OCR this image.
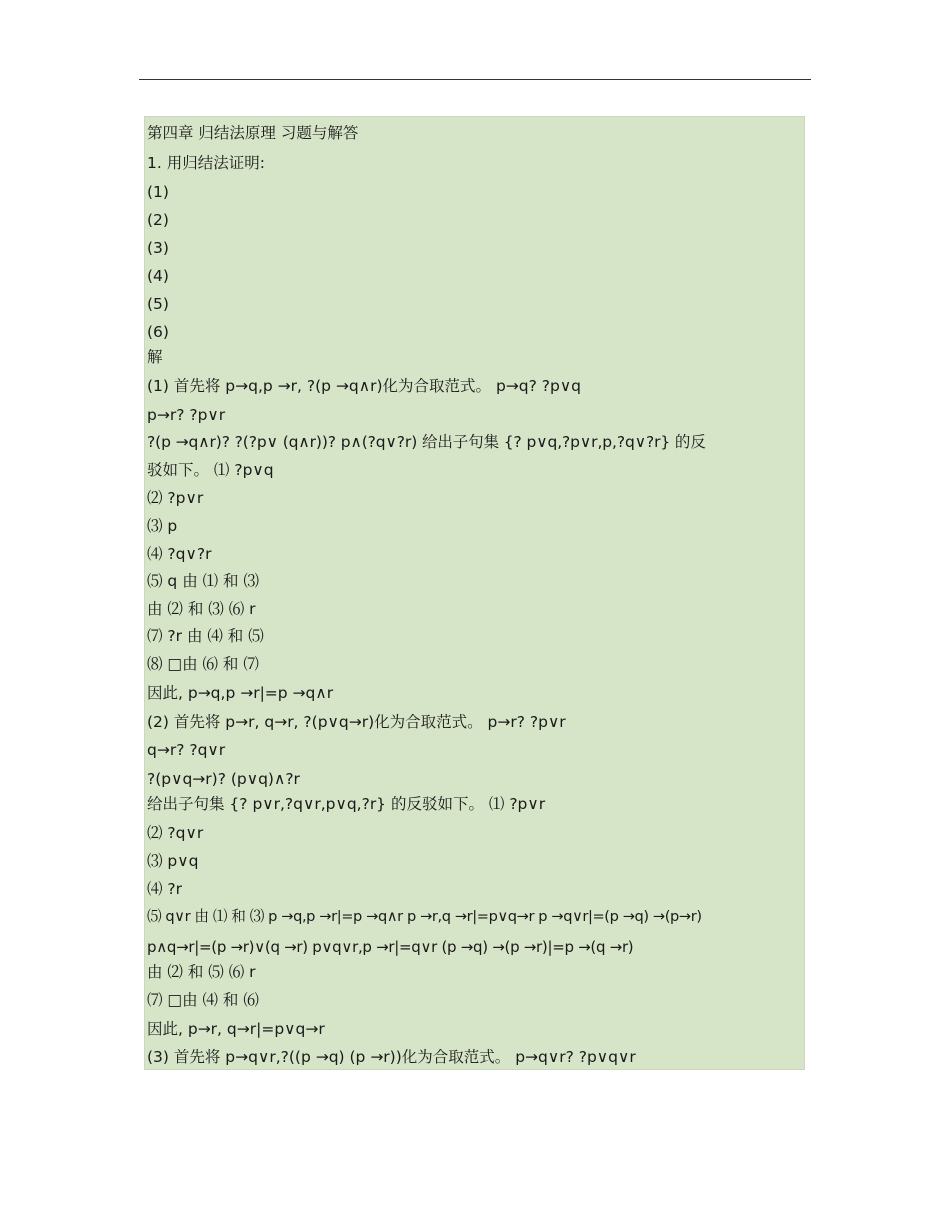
第四章 归结法原理 习题与解答
1. 用归结法证明:
(1)
(2)
(3)
(4)
(5)
(6)
解
(1) 首先将 p→q,p →r, ?(p →q∧r)化为合取范式。 p→q? ?p∨q
p→r? ?p∨r
?(p →q∧r)? ?(?p∨ (q∧r))? p∧(?q∨?r) 给出子句集 {? p∨q,?p∨r,p,?q∨?r} 的反
驳如下。 ⑴ ?p∨q
⑵ ?p∨r
⑶ p
⑷ ?q∨?r
⑸ q 由 ⑴ 和 ⑶
由 ⑵ 和 ⑶ ⑹ r
⑺ ?r 由 ⑷ 和 ⑸
⑻ □由 ⑹ 和 ⑺
因此, p→q,p →r|=p →q∧r
(2) 首先将 p→r, q→r, ?(p∨q→r)化为合取范式。 p→r? ?p∨r
q→r? ?q∨r
?(p∨q→r)? (p∨q)∧?r
给出子句集 {? p∨r,?q∨r,p∨q,?r} 的反驳如下。 ⑴ ?p∨r
⑵ ?q∨r
⑶ p∨q
⑷ ?r
⑸ q∨r 由 ⑴ 和 ⑶ p →q,p →r|=p →q∧r p →r,q →r|=p∨q→r p →q∨r|=(p →q) →(p→r)
p∧q→r|=(p →r)∨(q →r) p∨q∨r,p →r|=q∨r (p →q) →(p →r)|=p →(q →r)
由 ⑵ 和 ⑸ ⑹ r
⑺ □由 ⑷ 和 ⑹
因此, p→r, q→r|=p∨q→r
(3) 首先将 p→q∨r,?((p →q) (p →r))化为合取范式。 p→q∨r? ?p∨q∨r
